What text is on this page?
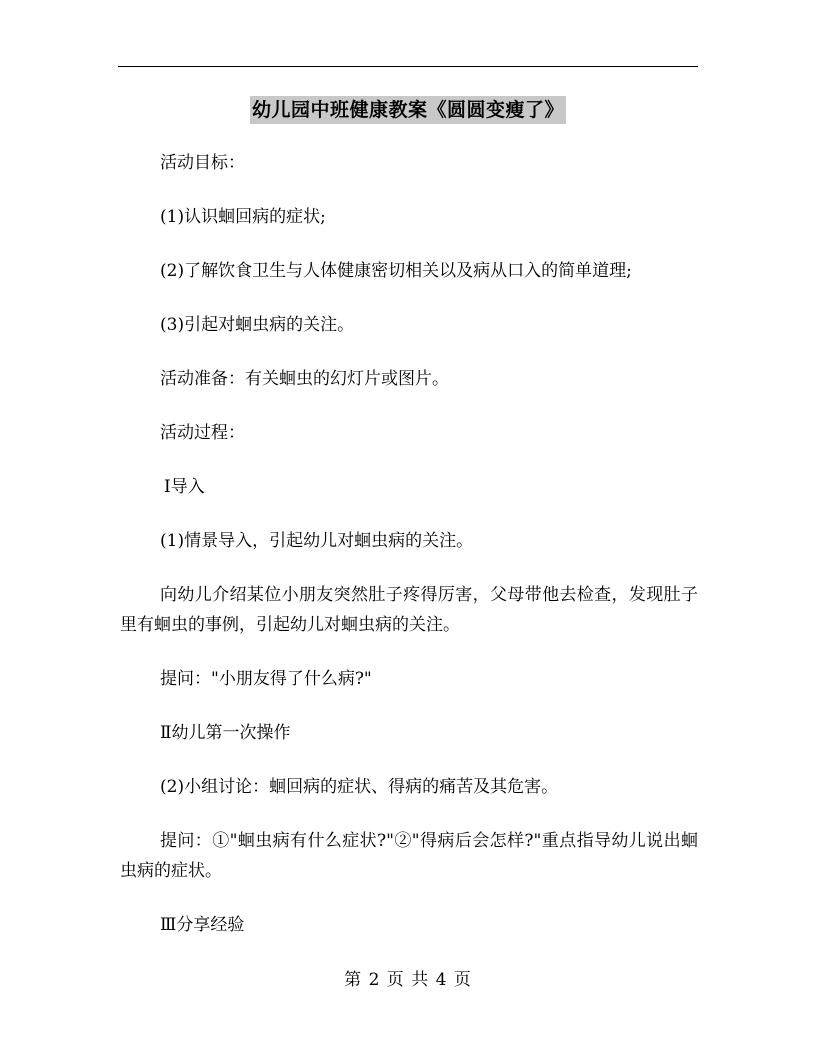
幼儿园中班健康教案《圆圆变瘦了》

活动目标：

(1)认识蛔回病的症状;

(2)了解饮食卫生与人体健康密切相关以及病从口入的简单道理;

(3)引起对蛔虫病的关注。

活动准备：有关蛔虫的幻灯片或图片。

活动过程：

Ⅰ导入

(1)情景导入，引起幼儿对蛔虫病的关注。

向幼儿介绍某位小朋友突然肚子疼得厉害，父母带他去检查，发现肚子里有蛔虫的事例，引起幼儿对蛔虫病的关注。

提问："小朋友得了什么病?"

Ⅱ幼儿第一次操作

(2)小组讨论：蛔回病的症状、得病的痛苦及其危害。

提问：①"蛔虫病有什么症状?"②"得病后会怎样?"重点指导幼儿说出蛔虫病的症状。

Ⅲ分享经验

第 2 页 共 4 页
